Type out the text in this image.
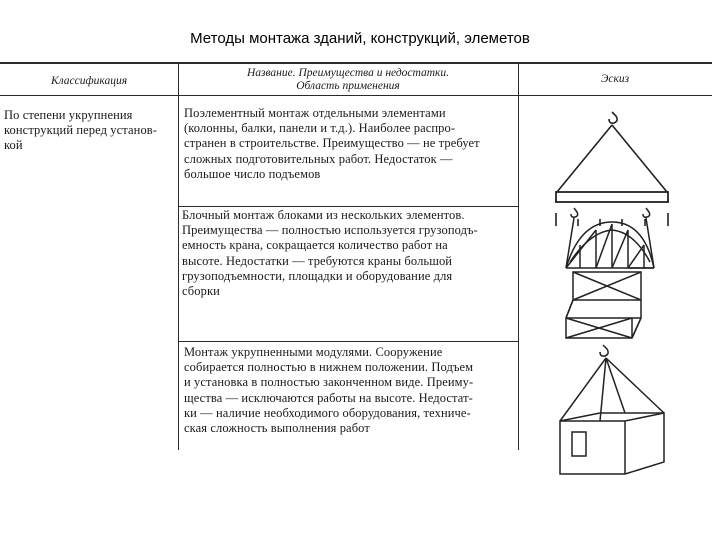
Методы монтажа зданий, конструкций, элеметов
Классификация
Название. Преимущества и недостатки.
Область применения
Эскиз
По степени укрупнения
конструкций перед установ-
кой
Поэлементный монтаж отдельными элементами
(колонны, балки, панели и т.д.). Наиболее распро-
странен в строительстве. Преимущество — не требует
сложных подготовительных работ. Недостаток —
большое число подъемов
Блочный монтаж блоками из нескольких элементов.
Преимущества — полностью используется грузоподъ-
емность крана, сокращается количество работ на
высоте. Недостатки — требуются краны большой
грузоподъемности, площадки и оборудование для
сборки
Монтаж укрупненными модулями. Сооружение
собирается полностью в нижнем положении. Подъем
и установка в полностью законченном виде. Преиму-
щества — исключаются работы на высоте. Недостат-
ки — наличие необходимого оборудования, техниче-
ская сложность выполнения работ
